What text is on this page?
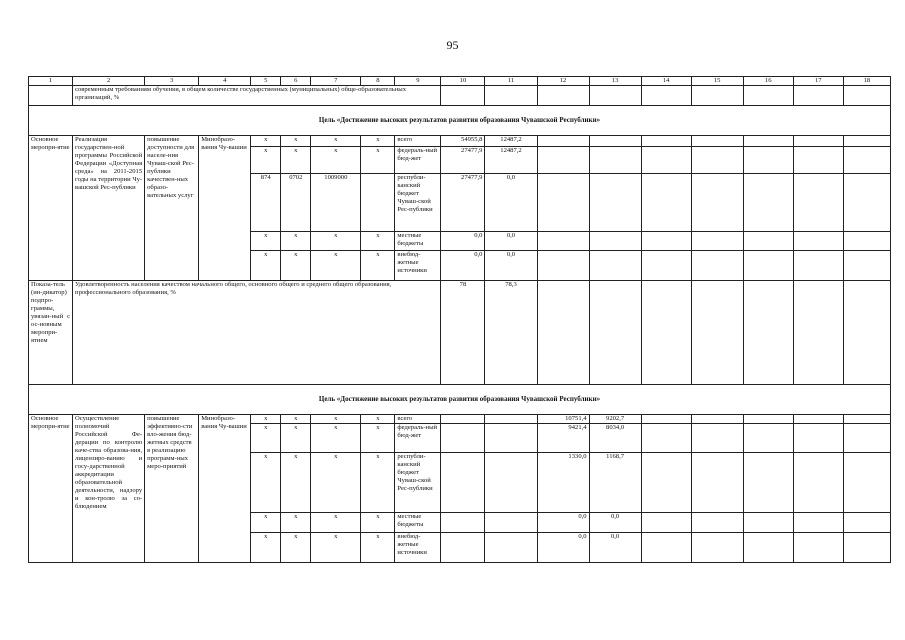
95
1	2	3	4	5	6	7	8	9	10	11	12	13	14	15	16	17	18
	современным требованиям обучения, в общем количестве государственных (муниципальных) обще-образовательных организаций, %																
Цель «Достижение высоких результатов развития образования Чувашской Республики»																	
Основное меропри-ятие	Реализация государствен-ной программы Российской Федерации «Доступная среда» на 2011-2015 годы на территории Чу-вашской Рес-публики	повышение доступности для населе-ния Чуваш-ской Рес-публики качествен-ных образо-вательных услуг	Минобразо-вания Чу-вашии	x	x	x	x	всего	54955,8	12487,2							
				x	x	x	x	федераль-ный бюд-жет	27477,9	12487,2							
				874	0702	1009000		республи-канский бюджет Чуваш-ской Рес-публики	27477,9	0,0							
				x	x	x	x	местные бюджеты	0,0	0,0							
				x	x	x	x	внебюд-жетные источники	0,0	0,0							
Показа-тель (ин-дикатор) подпро-граммы, увязан-ный с ос-новным меропри-ятием	Удовлетворенность населения качеством начального общего, основного общего и среднего общего образования, профессионального образования, %								78	78,3							
Цель «Достижение высоких результатов развития образования Чувашской Республики»																	
Основное меропри-ятие	Осуществление полномочий Российской Фе-дерации по контролю каче-ства образова-ния, лицензиро-ванию и госу-дарственной аккредитации образовательной деятельности, надзору и кон-тролю за со-блюдением	повышение эффективно-сти вло-жения бюд-жетных средств в реализацию программ-ных меро-приятий	Минобразо-вания Чу-вашии	x	x	x	x	всего			10751,4	9202,7					
				x	x	x	x	федераль-ный бюд-жет			9421,4	8034,0					
				x	x	x	x	республи-канский бюджет Чуваш-ской Рес-публики			1330,0	1168,7					
				x	x	x	x	местные бюджеты			0,0	0,0					
				x	x	x	x	внебюд-жетные источники			0,0	0,0					
